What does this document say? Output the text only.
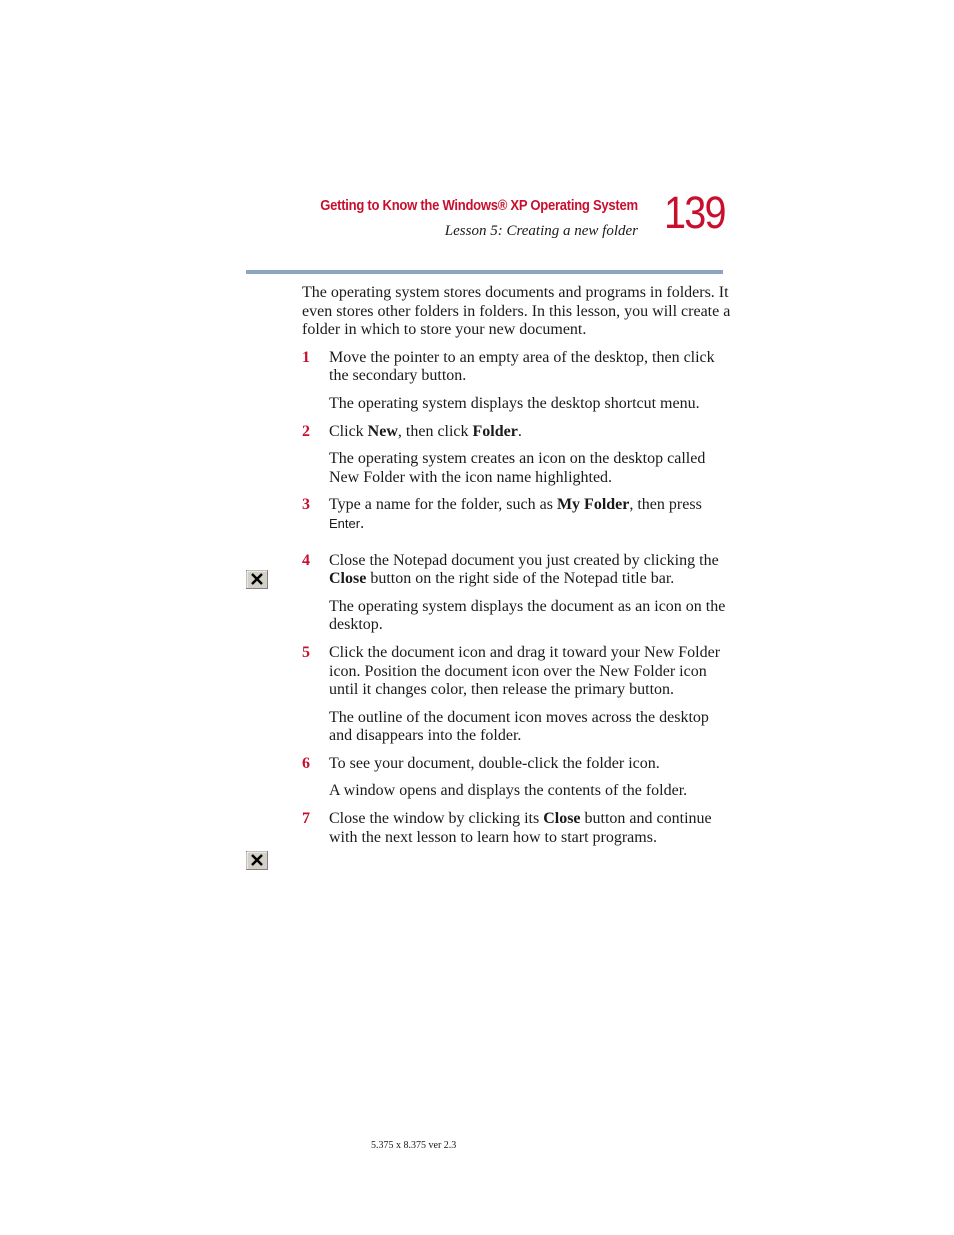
Getting to Know the Windows® XP Operating System
Lesson 5: Creating a new folder 139

The operating system stores documents and programs in folders. It even stores other folders in folders. In this lesson, you will create a folder in which to store your new document.

1 Move the pointer to an empty area of the desktop, then click the secondary button.

The operating system displays the desktop shortcut menu.

2 Click New, then click Folder.

The operating system creates an icon on the desktop called New Folder with the icon name highlighted.

3 Type a name for the folder, such as My Folder, then press Enter.
4 Close the Notepad document you just created by clicking the Close button on the right side of the Notepad title bar.

The operating system displays the document as an icon on the desktop.

5 Click the document icon and drag it toward your New Folder icon. Position the document icon over the New Folder icon until it changes color, then release the primary button.

The outline of the document icon moves across the desktop and disappears into the folder.

6 To see your document, double-click the folder icon.

A window opens and displays the contents of the folder.

7 Close the window by clicking its Close button and continue with the next lesson to learn how to start programs.
5.375 x 8.375 ver 2.3
